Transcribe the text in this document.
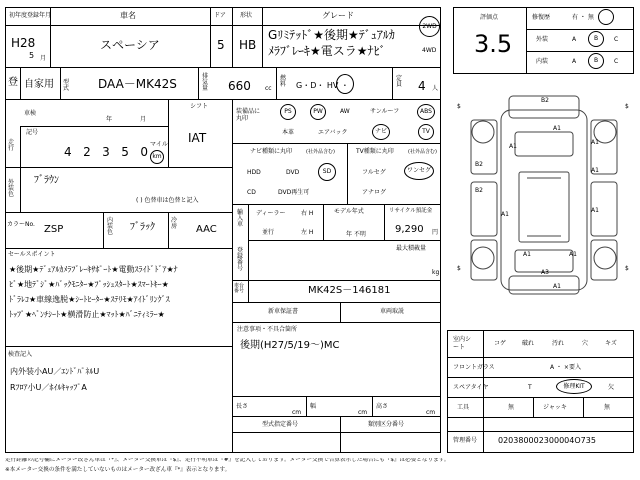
初年度登録年月	車名	ドア 形状	グレード
H28
5 月
スペーシア	5 HB
Gﾘﾐﾃｯﾄﾞ★後期★ﾃﾞｭｱﾙｶ
ﾒﾗﾌﾞﾚｰｷ★電スラ★ﾅﾋﾞ
2WD
4WD
登 自家用 型式 DAA－MK42S
排気量 660 cc
燃料 G・D・ HV ・
定員 4 人
車検
年	月
シフト
IAT
記号
走行	4 2 3 5 0
マイル
km
外装色
ﾌﾞﾗｳﾝ
( ) 色替車は色替と記入
カラーNo. ZSP
内装色 ﾌﾞﾗｯｸ
冷房 AAC
セールスポイント
★後期★ﾃﾞｭｱﾙｶﾒﾗﾌﾞﾚｰｷｻﾎﾟｰﾄ★電動ｽﾗｲﾄﾞﾄﾞｱ★ﾅ
ﾋﾞ★地ﾃﾞｼﾞ★ﾊﾞｯｸﾓﾆﾀｰ★ﾌﾟｯｼｭｽﾀｰﾄ★ｽﾏｰﾄｷｰ★
ﾄﾞﾗﾚｺ★車線逸脱★ｼｰﾄﾋｰﾀｰ★ｽﾃﾘﾓ★ｱｲﾄﾞﾘﾝｸﾞｽ
ﾄｯﾌﾟ★ﾍﾞﾝﾁｼｰﾄ★横滑防止★ﾏｯﾄ★ﾊﾞﾆﾃｨﾐﾗｰ★
検査記入
内外装小AU／ｴﾝﾄﾞﾊﾟﾈﾙU
Rﾌﾛｱ小U／ﾎｲﾙｷｬｯﾌﾟA
装備品に丸印
PS	PW	AW	サンルーフ	ABS
本革	エアバック	ナビ	TV
ナビ種類に丸印	(社外品含む)
HDD	DVD	SD
CD	DVD再生可
TV種類に丸印	(社外品含む)
フルセグ	ワンセグ
アナログ
輸入車
ディーラー
並行
右 H
左 H
モデル年式
年 不明
リサイクル預託金
9,290 円
最大積載量
kg
登録番号
車台番号	MK42S－146181
新車保証書	車両取説
注意事項・不具合箇所
後期(H27/5/19～)MC
長さ
cm
幅
cm
高さ
cm
型式指定番号	類別区分番号
評価点
3.5
修復歴	有 ・ 無
外装	A	B	C
内装	A	B	C
B2
A1
A1
B2
A1
B2
A1
A1
A1
A1	A1
A3
A1
$	$
$	$
室内シート
コゲ	破れ	汚れ	穴	キズ
フロントガラス	A ・ ×要入
スペアタイヤ	T	修理KIT	欠
工具	無	ジャッキ	無
管理番号	020380002300004O735
走行距離の記号欄にメーター改ざん車は『*』、メーター交換車は『$』、走行不明車は『#』を記入しております。メーター交換で合算表示した場合にも『$』は必要となります。
※本メーター交換の条件を満たしていないものはメーター改ざん車『*』表示となります。
